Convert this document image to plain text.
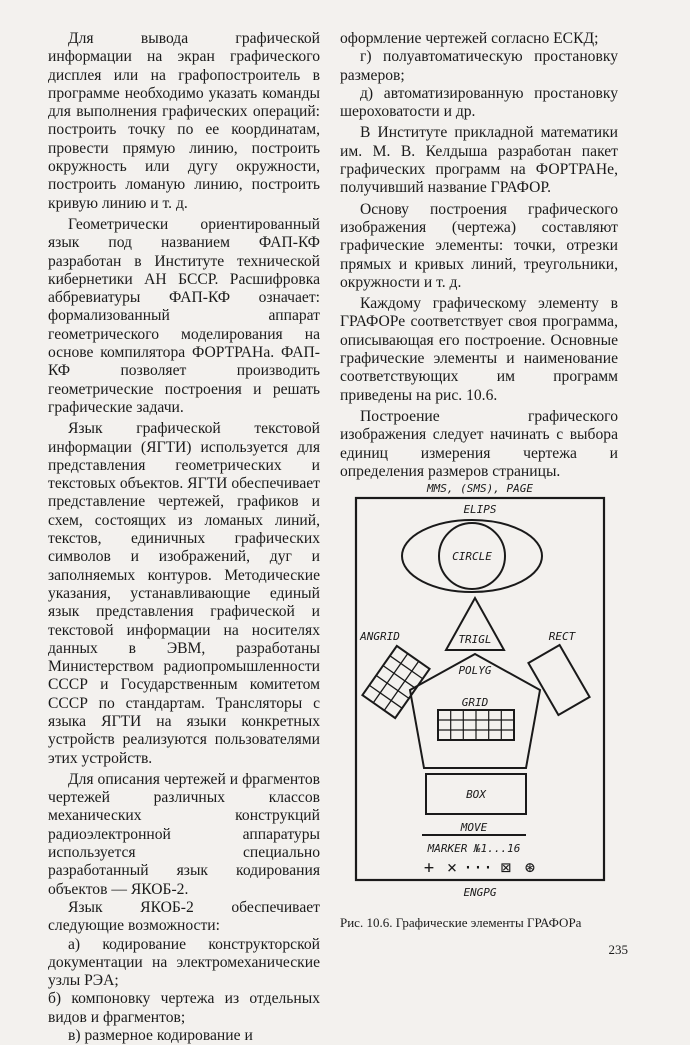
Для вывода графической информации на экран графического дисплея или на графопостроитель в программе необходимо указать команды для выполнения графических операций: построить точку по ее координатам, провести прямую линию, построить окружность или дугу окружности, построить ломаную линию, построить кривую линию и т. д.

Геометрически ориентированный язык под названием ФАП-КФ разработан в Институте технической кибернетики АН БССР. Расшифровка аббревиатуры ФАП-КФ означает: формализованный аппарат геометрического моделирования на основе компилятора ФОРТРАНа. ФАП-КФ позволяет производить геометрические построения и решать графические задачи.

Язык графической текстовой информации (ЯГТИ) используется для представления геометрических и текстовых объектов. ЯГТИ обеспечивает представление чертежей, графиков и схем, состоящих из ломаных линий, текстов, единичных графических символов и изображений, дуг и заполняемых контуров. Методические указания, устанавливающие единый язык представления графической и текстовой информации на носителях данных в ЭВМ, разработаны Министерством радиопромышленности СССР и Государственным комитетом СССР по стандартам. Трансляторы с языка ЯГТИ на языки конкретных устройств реализуются пользователями этих устройств.

Для описания чертежей и фрагментов чертежей различных классов механических конструкций радиоэлектронной аппаратуры используется специально разработанный язык кодирования объектов — ЯКОБ-2.

Язык ЯКОБ-2 обеспечивает следующие возможности:

а) кодирование конструкторской документации на электромеханические узлы РЭА;

б) компоновку чертежа из отдельных видов и фрагментов;

в) размерное кодирование и

оформление чертежей согласно ЕСКД;

г) полуавтоматическую простановку размеров;

д) автоматизированную простановку шероховатости и др.

В Институте прикладной математики им. М. В. Келдыша разработан пакет графических программ на ФОРТРАНе, получивший название ГРАФОР.

Основу построения графического изображения (чертежа) составляют графические элементы: точки, отрезки прямых и кривых линий, треугольники, окружности и т. д.

Каждому графическому элементу в ГРАФОРе соответствует своя программа, описывающая его построение. Основные графические элементы и наименование соответствующих им программ приведены на рис. 10.6.

Построение графического изображения следует начинать с выбора единиц измерения чертежа и определения размеров страницы.

MMS, (SMS), PAGE
ELIPS
CIRCLE
TRIGL
ANGRID	RECT
POLYG
GRID
BOX
MOVE
MARKER №1...16
+ × · · · ⊠ ⊛
ENGPG
Рис. 10.6. Графические элементы ГРАФОРа
235
